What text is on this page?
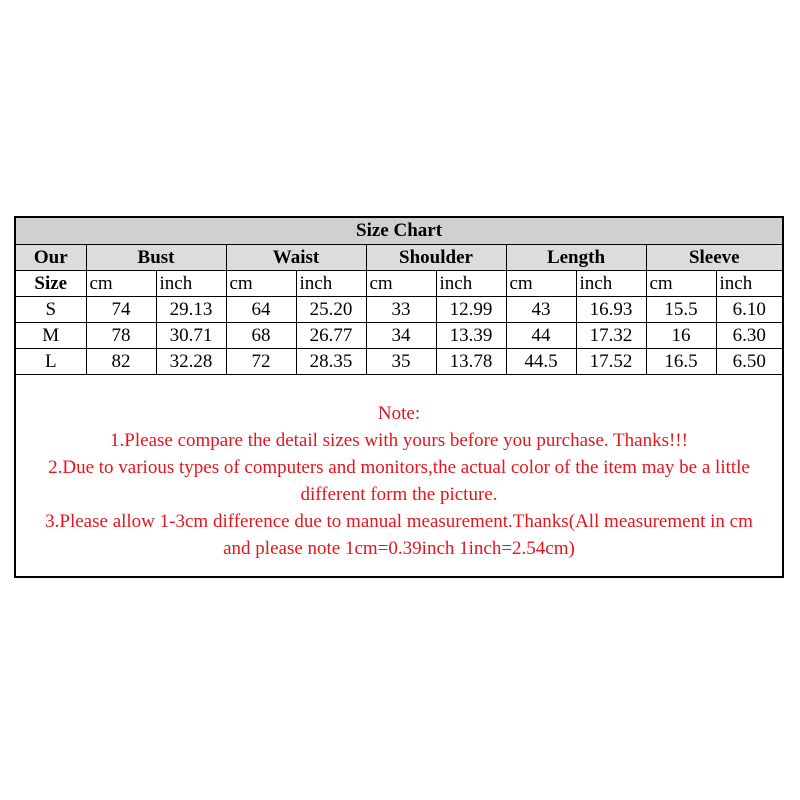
Size Chart										
Our	Bust		Waist		Shoulder		Length		Sleeve	
Size	cm	inch	cm	inch	cm	inch	cm	inch	cm	inch
S	74	29.13	64	25.20	33	12.99	43	16.93	15.5	6.10
M	78	30.71	68	26.77	34	13.39	44	17.32	16	6.30
L	82	32.28	72	28.35	35	13.78	44.5	17.52	16.5	6.50
Note:
1.Please compare the detail sizes with yours before you purchase. Thanks!!!
2.Due to various types of computers and monitors,the actual color of the item may be a little
different form the picture.
3.Please allow 1-3cm difference due to manual measurement.Thanks(All measurement in cm
and please note 1cm=0.39inch 1inch=2.54cm)
